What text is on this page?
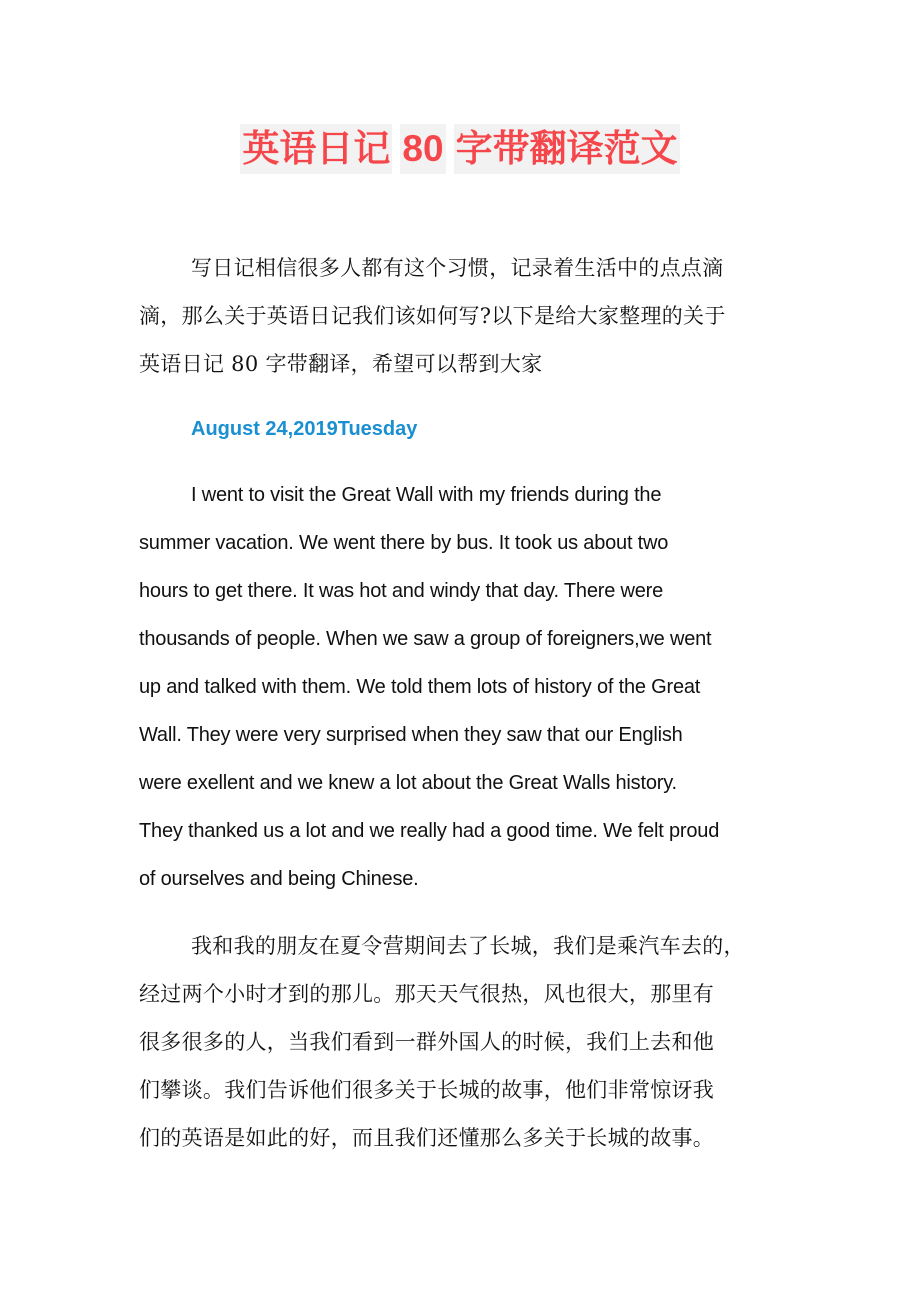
英语日记 80 字带翻译范文
写日记相信很多人都有这个习惯，记录着生活中的点点滴
滴，那么关于英语日记我们该如何写?以下是给大家整理的关于
英语日记 80 字带翻译，希望可以帮到大家
August 24,2019Tuesday
I went to visit the Great Wall with my friends during the
summer vacation. We went there by bus. It took us about two
hours to get there. It was hot and windy that day. There were
thousands of people. When we saw a group of foreigners,we went
up and talked with them. We told them lots of history of the Great
Wall. They were very surprised when they saw that our English
were exellent and we knew a lot about the Great Walls history.
They thanked us a lot and we really had a good time. We felt proud
of ourselves and being Chinese.
我和我的朋友在夏令营期间去了长城，我们是乘汽车去的，
经过两个小时才到的那儿。那天天气很热，风也很大，那里有
很多很多的人，当我们看到一群外国人的时候，我们上去和他
们攀谈。我们告诉他们很多关于长城的故事，他们非常惊讶我
们的英语是如此的好，而且我们还懂那么多关于长城的故事。
